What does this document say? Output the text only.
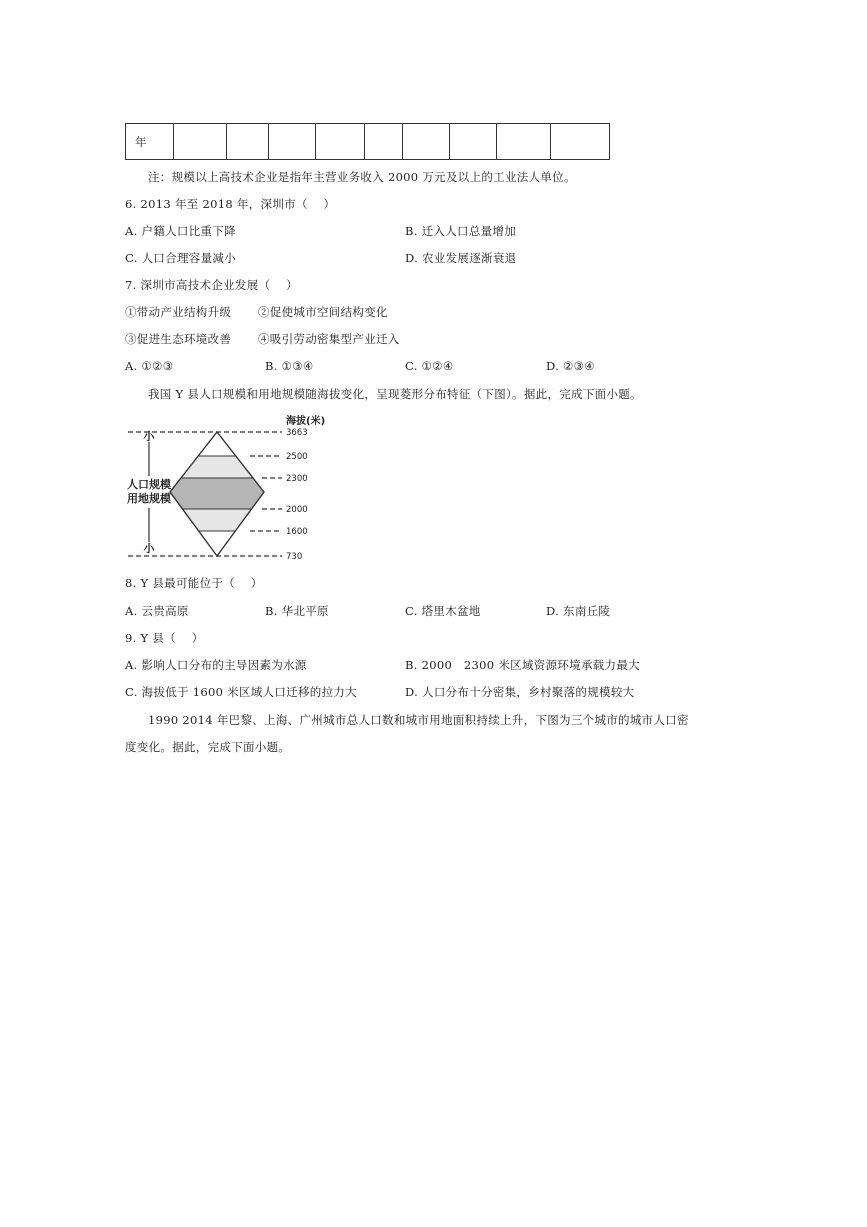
年									
注：规模以上高技术企业是指年主营业务收入 2000 万元及以上的工业法人单位。
6. 2013 年至 2018 年，深圳市（　 ）
A. 户籍人口比重下降	B. 迁入人口总量增加
C. 人口合理容量减小	D. 农业发展逐渐衰退
7. 深圳市高技术企业发展（　 ）
①带动产业结构升级 ②促使城市空间结构变化
③促进生态环境改善 ④吸引劳动密集型产业迁入
A. ①②③	B. ①③④	C. ①②④	D. ②③④
我国 Y 县人口规模和用地规模随海拔变化，呈现菱形分布特征（下图）。据此，完成下面小题。
小
小
人口规模
用地规模
海拔(米)
3663
2500
2300
2000
1600
730
8. Y 县最可能位于（　 ）
A. 云贵高原	B. 华北平原	C. 塔里木盆地	D. 东南丘陵
9. Y 县（　 ）
A. 影响人口分布的主导因素为水源	B. 2000　2300 米区域资源环境承载力最大
C. 海拔低于 1600 米区域人口迁移的拉力大	D. 人口分布十分密集，乡村聚落的规模较大
1990 2014 年巴黎、上海、广州城市总人口数和城市用地面积持续上升，下图为三个城市的城市人口密
度变化。据此，完成下面小题。
